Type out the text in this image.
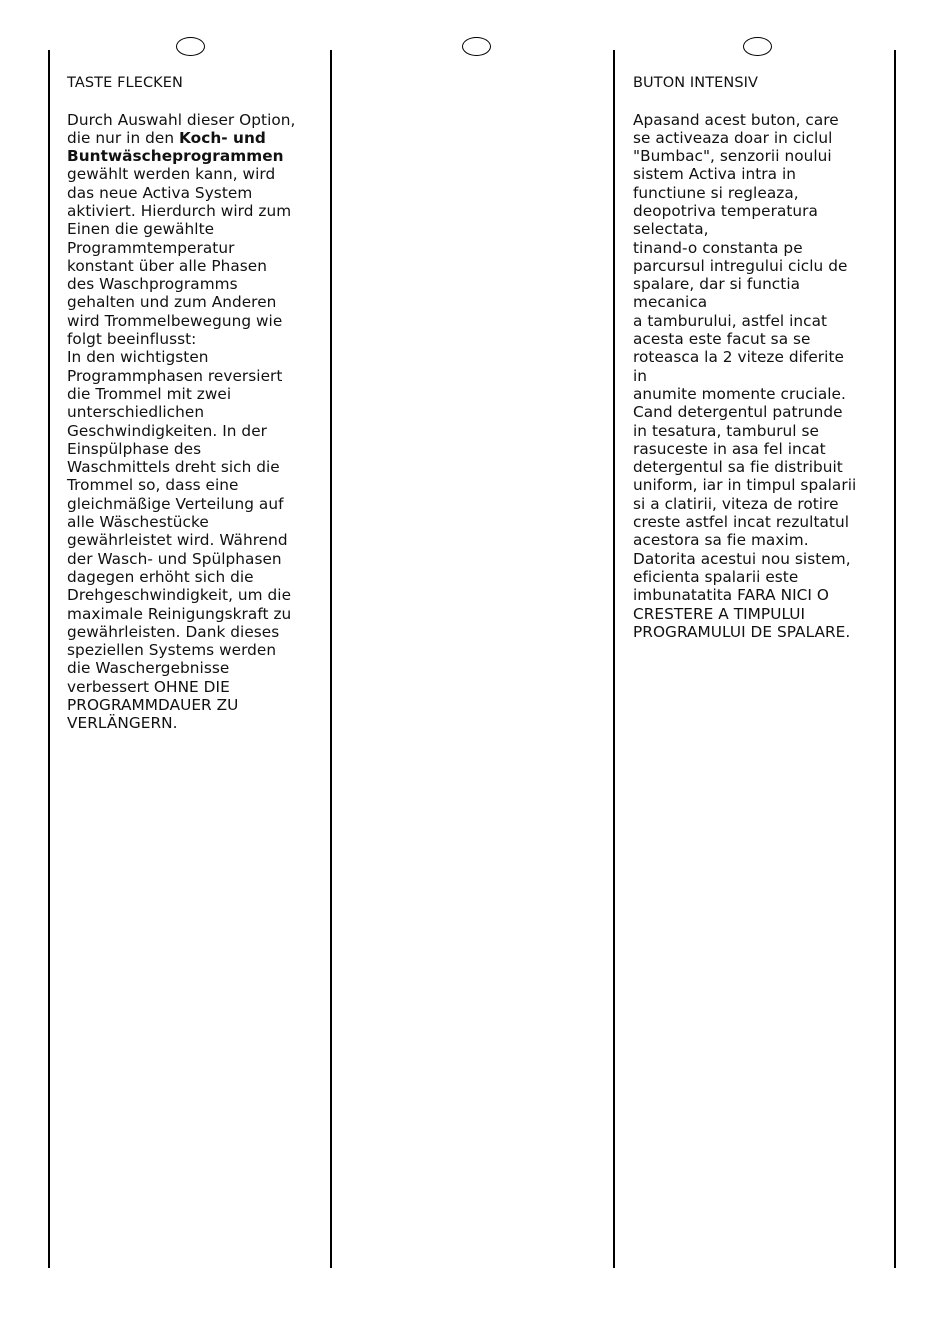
TASTE FLECKEN
Durch Auswahl dieser Option,
die nur in den Koch- und
Buntwäscheprogrammen
gewählt werden kann, wird
das neue Activa System
aktiviert. Hierdurch wird zum
Einen die gewählte
Programmtemperatur
konstant über alle Phasen
des Waschprogramms
gehalten und zum Anderen
wird Trommelbewegung wie
folgt beeinflusst:
In den wichtigsten
Programmphasen reversiert
die Trommel mit zwei
unterschiedlichen
Geschwindigkeiten. In der
Einspülphase des
Waschmittels dreht sich die
Trommel so, dass eine
gleichmäßige Verteilung auf
alle Wäschestücke
gewährleistet wird. Während
der Wasch- und Spülphasen
dagegen erhöht sich die
Drehgeschwindigkeit, um die
maximale Reinigungskraft zu
gewährleisten. Dank dieses
speziellen Systems werden
die Waschergebnisse
verbessert OHNE DIE
PROGRAMMDAUER ZU
VERLÄNGERN.
BUTON INTENSIV
Apasand acest buton, care
se activeaza doar in ciclul
"Bumbac", senzorii noului
sistem Activa intra in
functiune si regleaza,
deopotriva temperatura
selectata,
tinand-o constanta pe
parcursul intregului ciclu de
spalare, dar si functia
mecanica
a tamburului, astfel incat
acesta este facut sa se
roteasca la 2 viteze diferite
in
anumite momente cruciale.
Cand detergentul patrunde
in tesatura, tamburul se
rasuceste in asa fel incat
detergentul sa fie distribuit
uniform, iar in timpul spalarii
si a clatirii, viteza de rotire
creste astfel incat rezultatul
acestora sa fie maxim.
Datorita acestui nou sistem,
eficienta spalarii este
imbunatatita FARA NICI O
CRESTERE A TIMPULUI
PROGRAMULUI DE SPALARE.
